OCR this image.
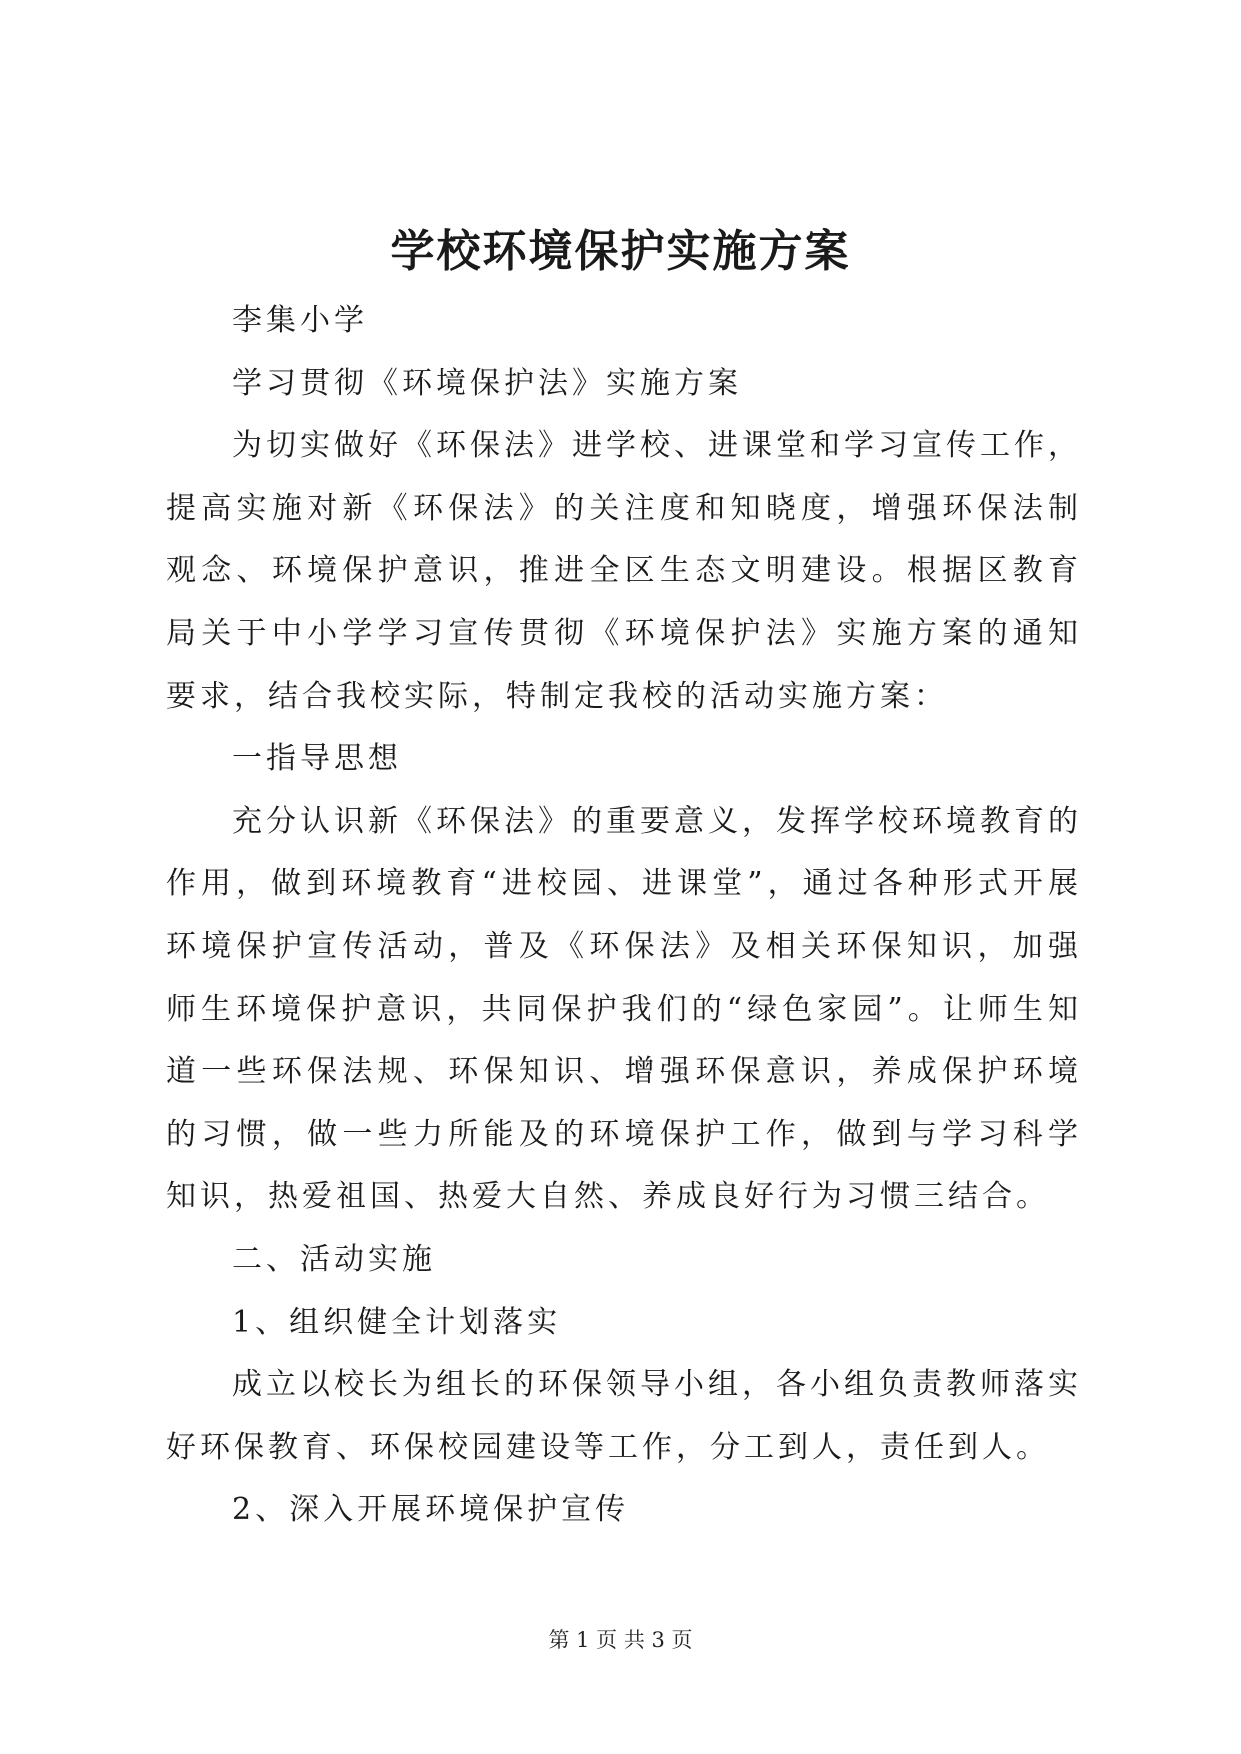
学校环境保护实施方案

李集小学

学习贯彻《环境保护法》实施方案

为切实做好《环保法》进学校、进课堂和学习宣传工作，提高实施对新《环保法》的关注度和知晓度，增强环保法制观念、环境保护意识，推进全区生态文明建设。根据区教育局关于中小学学习宣传贯彻《环境保护法》实施方案的通知要求，结合我校实际，特制定我校的活动实施方案：

一指导思想

充分认识新《环保法》的重要意义，发挥学校环境教育的作用，做到环境教育“进校园、进课堂”，通过各种形式开展环境保护宣传活动，普及《环保法》及相关环保知识，加强师生环境保护意识，共同保护我们的“绿色家园”。让师生知道一些环保法规、环保知识、增强环保意识，养成保护环境的习惯，做一些力所能及的环境保护工作，做到与学习科学知识，热爱祖国、热爱大自然、养成良好行为习惯三结合。

二、活动实施

1、组织健全计划落实

成立以校长为组长的环保领导小组，各小组负责教师落实好环保教育、环保校园建设等工作，分工到人，责任到人。

2、深入开展环境保护宣传

第 1 页 共 3 页
